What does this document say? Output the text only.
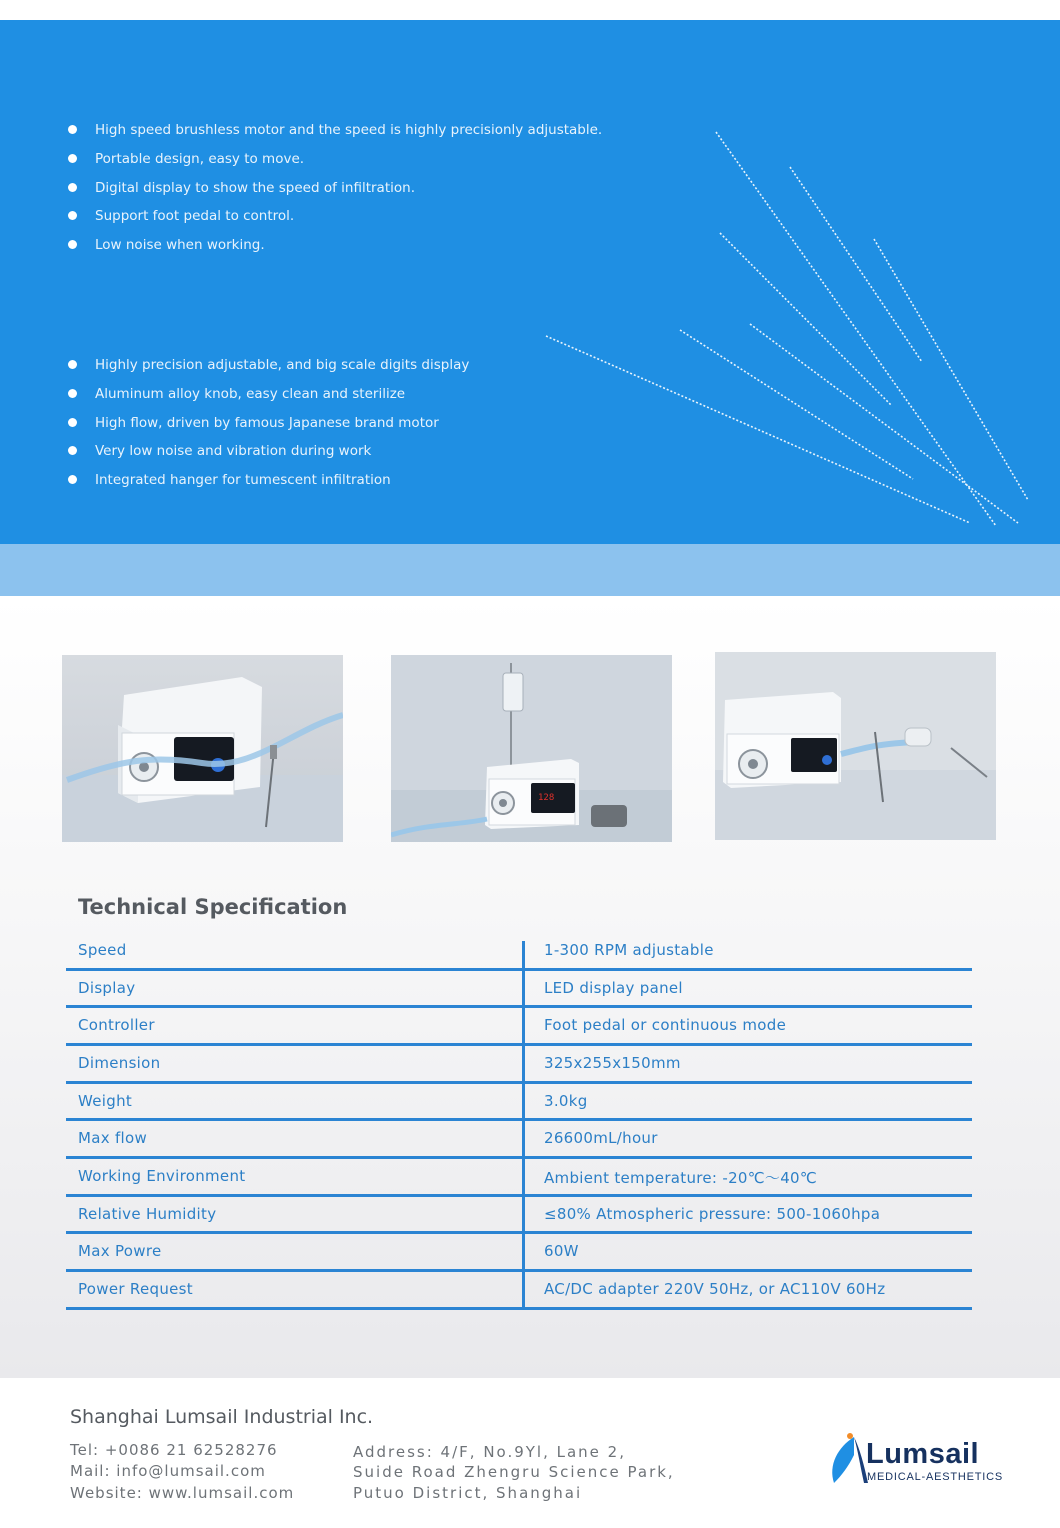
High speed brushless motor and the speed is highly precisionly adjustable.
Portable design, easy to move.
Digital display to show the speed of infiltration.
Support foot pedal to control.
Low noise when working.
Highly precision adjustable, and big scale digits display
Aluminum alloy knob, easy clean and sterilize
High flow, driven by famous Japanese brand motor
Very low noise and vibration during work
Integrated hanger for tumescent infiltration
128
Technical Specification
Speed	1-300 RPM adjustable
Display	LED display panel
Controller	Foot pedal or continuous mode
Dimension	325x255x150mm
Weight	3.0kg
Max flow	26600mL/hour
Working Environment	Ambient temperature: -20℃～40℃
Relative Humidity	≤80% Atmospheric pressure: 500-1060hpa
Max Powre	60W
Power Request	AC/DC adapter 220V 50Hz, or AC110V 60Hz
Shanghai Lumsail Industrial Inc.
Tel: +0086 21 62528276
Mail: info@lumsail.com
Website: www.lumsail.com
Address: 4/F, No.9Yl, Lane 2,
Suide Road Zhengru Science Park,
Putuo District, Shanghai
Lumsail
MEDICAL-AESTHETICS
